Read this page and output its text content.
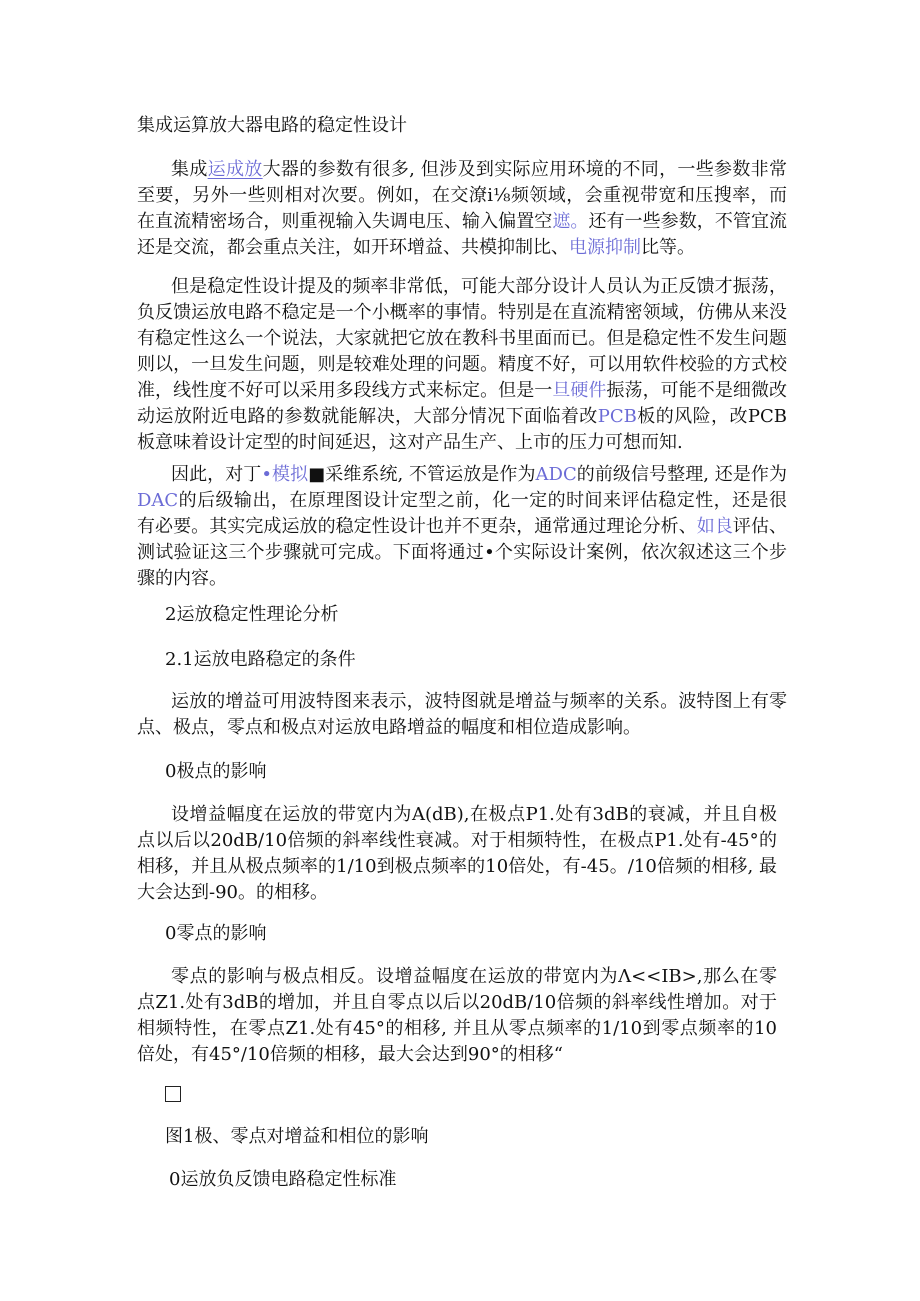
集成运算放大器电路的稳定性设计
集成运成放大器的参数有很多, 但涉及到实际应用环境的不同，一些参数非常至要，另外一些则相对次要。例如，在交潦i⅛频领域，会重视带宽和压搜率，而在直流精密场合，则重视输入失调电压、输入偏置空遮。还有一些参数，不管宜流还是交流，都会重点关注，如开环增益、共模抑制比、电源抑制比等。
但是稳定性设计提及的频率非常低，可能大部分设计人员认为正反馈才振荡，负反馈运放电路不稳定是一个小概率的事情。特别是在直流精密领域，仿佛从来没有稳定性这么一个说法，大家就把它放在教科书里面而已。但是稳定性不发生问题则以，一旦发生问题，则是较难处理的问题。精度不好，可以用软件校验的方式校准，线性度不好可以采用多段线方式来标定。但是一旦硬件振荡，可能不是细微改动运放附近电路的参数就能解决，大部分情况下面临着改PCB板的风险，改PCB板意味着设计定型的时间延迟，这对产品生产、上市的压力可想而知.
因此，对丁•模拟■采维系统, 不管运放是作为ADC的前级信号整理, 还是作为DAC的后级输出，在原理图设计定型之前，化一定的时间来评估稳定性，还是很有必要。其实完成运放的稳定性设计也并不更杂，通常通过理论分析、如良评估、测试验证这三个步骤就可完成。下面将通过•个实际设计案例，依次叙述这三个步骤的内容。
2运放稳定性理论分析
2.1运放电路稳定的条件
运放的增益可用波特图来表示，波特图就是增益与频率的关系。波特图上有零点、极点，零点和极点对运放电路增益的幅度和相位造成影响。
0极点的影响
设增益幅度在运放的带宽内为A(dB),在极点P1.处有3dB的衰减，并且自极点以后以20dB∕10倍频的斜率线性衰减。对于相频特性，在极点P1.处有-45°的相移，并且从极点频率的1/10到极点频率的10倍处，有-45。/10倍频的相移, 最大会达到-90。的相移。
0零点的影响
零点的影响与极点相反。设增益幅度在运放的带宽内为Λ<<IB>,那么在零点Z1.处有3dB的增加，并且自零点以后以20dB∕10倍频的斜率线性增加。对于相频特性，在零点Z1.处有45°的相移, 并且从零点频率的1/10到零点频率的10倍处，有45°/10倍频的相移，最大会达到90°的相移“
图1极、零点对增益和相位的影响
0运放负反馈电路稳定性标准
